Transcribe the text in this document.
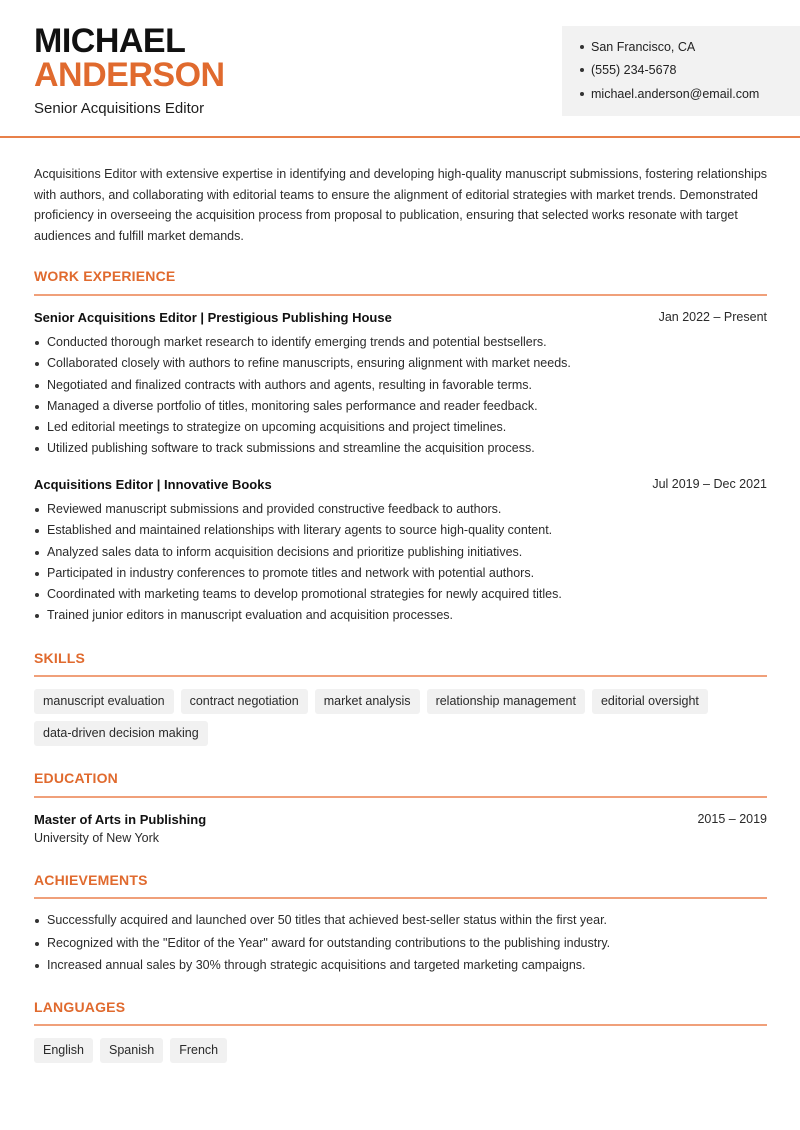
MICHAEL
ANDERSON
Senior Acquisitions Editor
San Francisco, CA
(555) 234-5678
michael.anderson@email.com
Acquisitions Editor with extensive expertise in identifying and developing high-quality manuscript submissions, fostering relationships with authors, and collaborating with editorial teams to ensure the alignment of editorial strategies with market trends. Demonstrated proficiency in overseeing the acquisition process from proposal to publication, ensuring that selected works resonate with target audiences and fulfill market demands.
WORK EXPERIENCE
Senior Acquisitions Editor | Prestigious Publishing House	Jan 2022 – Present
Conducted thorough market research to identify emerging trends and potential bestsellers.
Collaborated closely with authors to refine manuscripts, ensuring alignment with market needs.
Negotiated and finalized contracts with authors and agents, resulting in favorable terms.
Managed a diverse portfolio of titles, monitoring sales performance and reader feedback.
Led editorial meetings to strategize on upcoming acquisitions and project timelines.
Utilized publishing software to track submissions and streamline the acquisition process.
Acquisitions Editor | Innovative Books	Jul 2019 – Dec 2021
Reviewed manuscript submissions and provided constructive feedback to authors.
Established and maintained relationships with literary agents to source high-quality content.
Analyzed sales data to inform acquisition decisions and prioritize publishing initiatives.
Participated in industry conferences to promote titles and network with potential authors.
Coordinated with marketing teams to develop promotional strategies for newly acquired titles.
Trained junior editors in manuscript evaluation and acquisition processes.
SKILLS
manuscript evaluation	contract negotiation	market analysis	relationship management	editorial oversight
data-driven decision making
EDUCATION
Master of Arts in Publishing	2015 – 2019
University of New York
ACHIEVEMENTS
Successfully acquired and launched over 50 titles that achieved best-seller status within the first year.
Recognized with the "Editor of the Year" award for outstanding contributions to the publishing industry.
Increased annual sales by 30% through strategic acquisitions and targeted marketing campaigns.
LANGUAGES
English	Spanish	French
